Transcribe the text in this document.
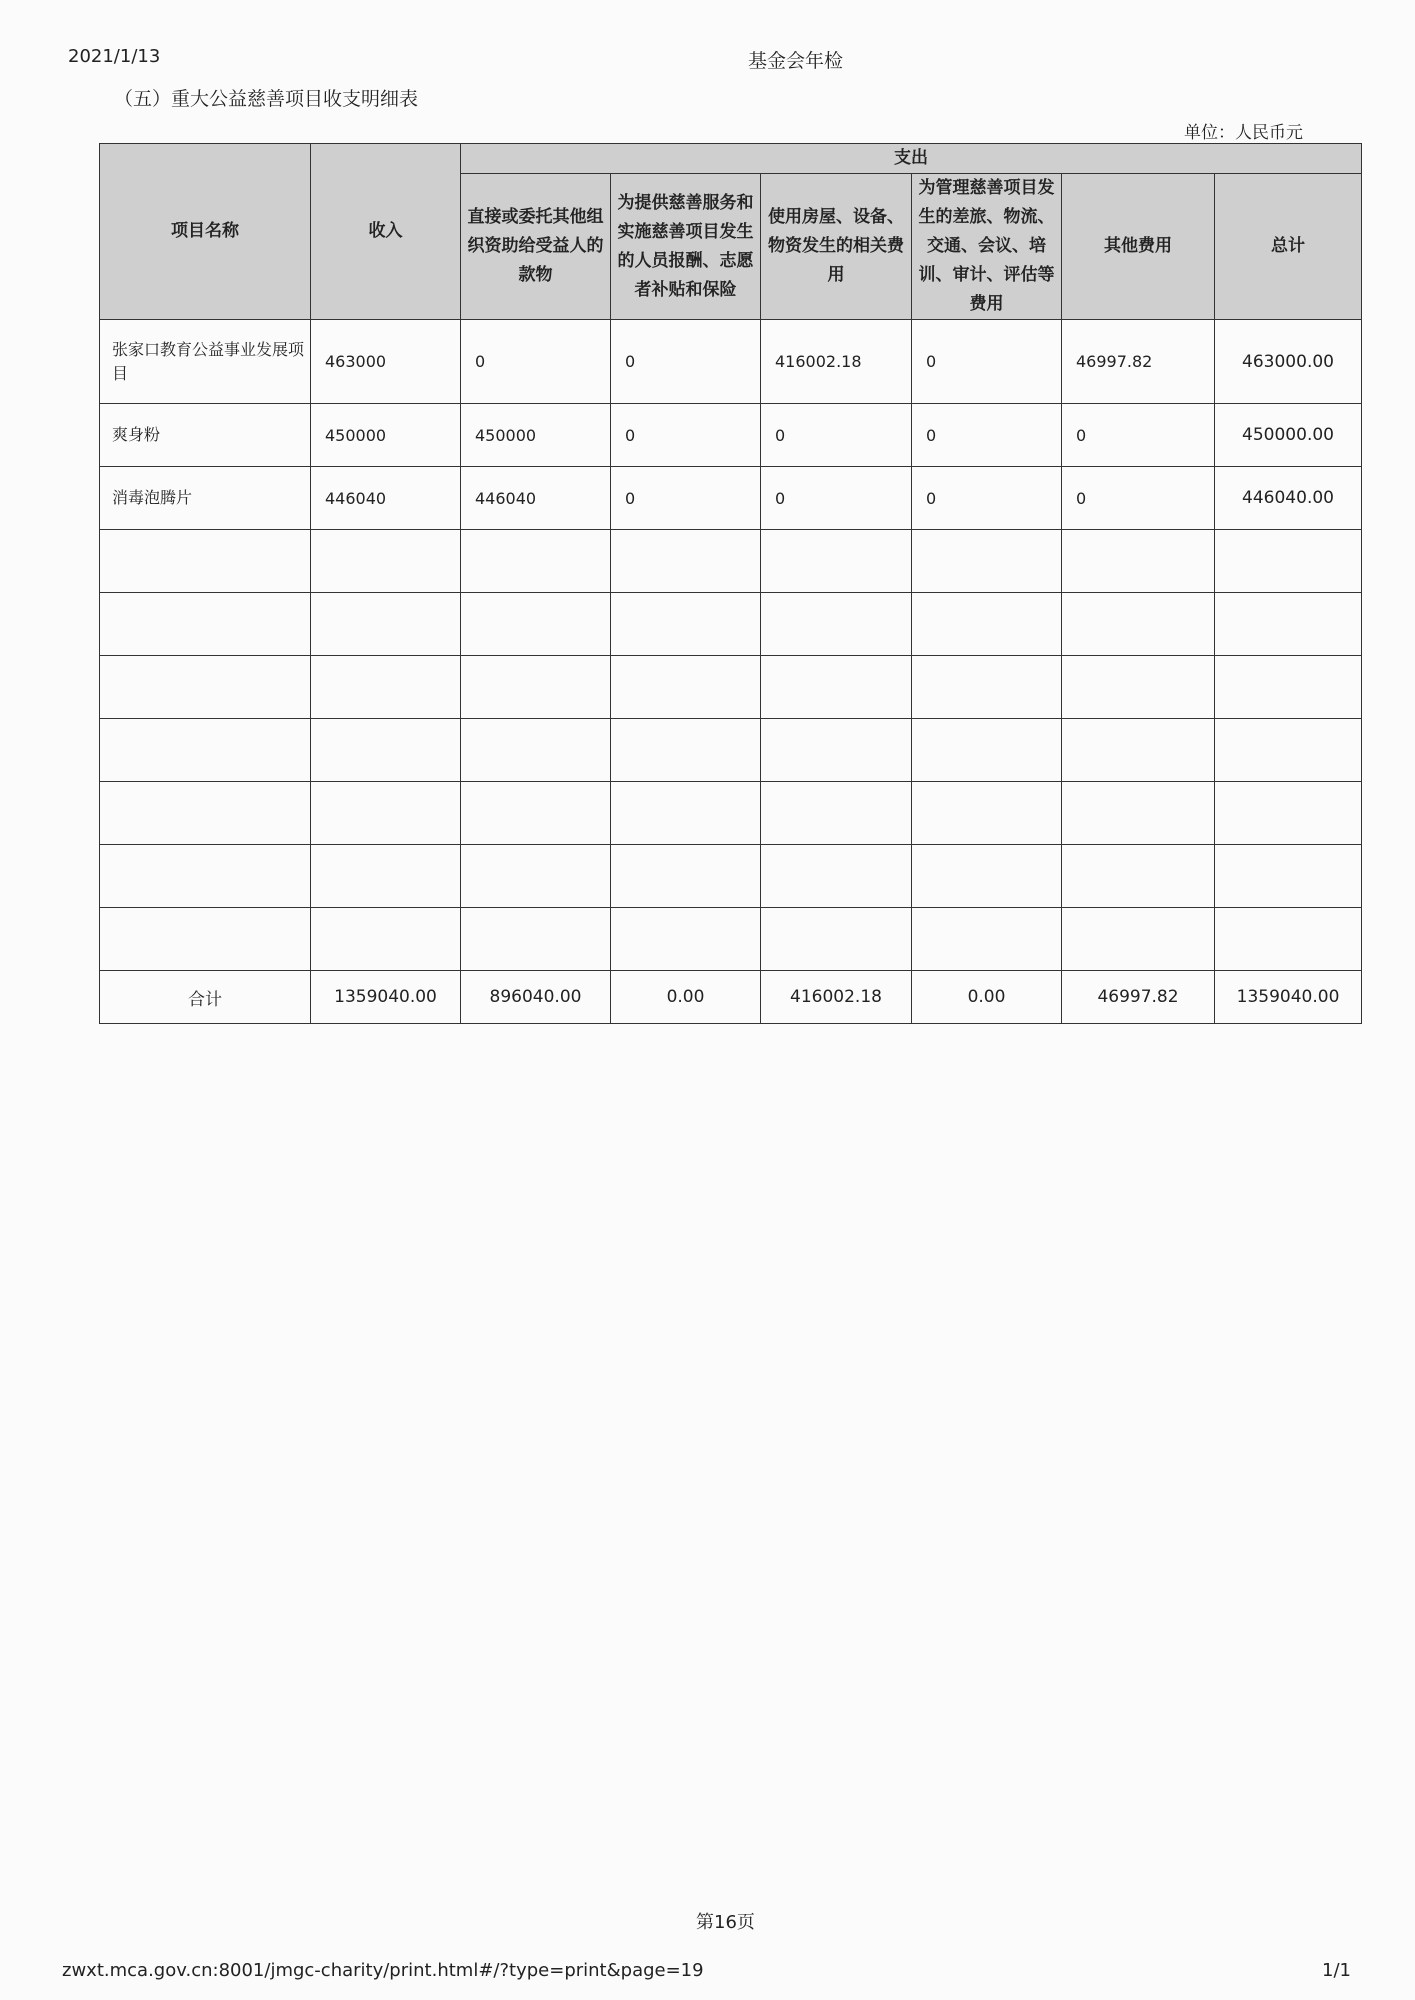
2021/1/13	基金会年检
（五）重大公益慈善项目收支明细表
单位：人民币元
项目名称	收入	支出					
		直接或委托其他组织资助给受益人的款物	为提供慈善服务和实施慈善项目发生的人员报酬、志愿者补贴和保险	使用房屋、设备、物资发生的相关费用	为管理慈善项目发生的差旅、物流、交通、会议、培训、审计、评估等费用	其他费用	总计
张家口教育公益事业发展项目	463000	0	0	416002.18	0	46997.82	463000.00
爽身粉	450000	450000	0	0	0	0	450000.00
消毒泡腾片	446040	446040	0	0	0	0	446040.00

合计	1359040.00	896040.00	0.00	416002.18	0.00	46997.82	1359040.00
第16页
zwxt.mca.gov.cn:8001/jmgc-charity/print.html#/?type=print&page=19	1/1
